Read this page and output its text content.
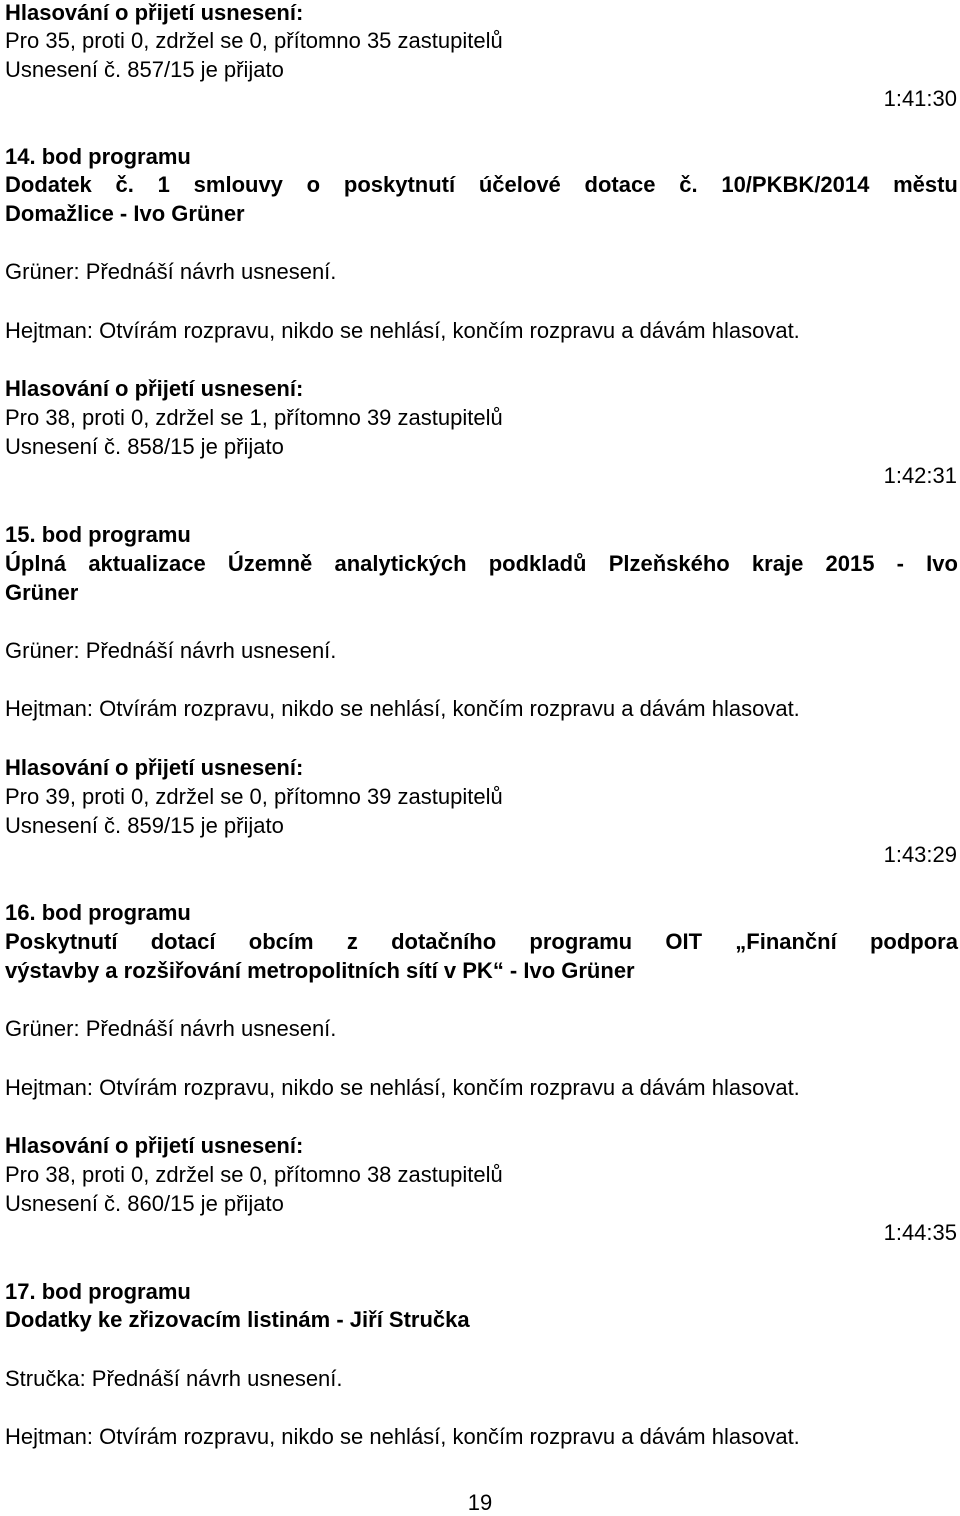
Hlasování o přijetí usnesení:
Pro 35, proti 0, zdržel se 0, přítomno 35 zastupitelů
Usnesení č. 857/15 je přijato
1:41:30
14. bod programu
Dodatek č. 1 smlouvy o poskytnutí účelové dotace č. 10/PKBK/2014 městu
Domažlice - Ivo Grüner
Grüner: Přednáší návrh usnesení.
Hejtman: Otvírám rozpravu, nikdo se nehlásí, končím rozpravu a dávám hlasovat.
Hlasování o přijetí usnesení:
Pro 38, proti 0, zdržel se 1, přítomno 39 zastupitelů
Usnesení č. 858/15 je přijato
1:42:31
15. bod programu
Úplná aktualizace Územně analytických podkladů Plzeňského kraje 2015 - Ivo
Grüner
Grüner: Přednáší návrh usnesení.
Hejtman: Otvírám rozpravu, nikdo se nehlásí, končím rozpravu a dávám hlasovat.
Hlasování o přijetí usnesení:
Pro 39, proti 0, zdržel se 0, přítomno 39 zastupitelů
Usnesení č. 859/15 je přijato
1:43:29
16. bod programu
Poskytnutí dotací obcím z dotačního programu OIT „Finanční podpora
výstavby a rozšiřování metropolitních sítí v PK“ - Ivo Grüner
Grüner: Přednáší návrh usnesení.
Hejtman: Otvírám rozpravu, nikdo se nehlásí, končím rozpravu a dávám hlasovat.
Hlasování o přijetí usnesení:
Pro 38, proti 0, zdržel se 0, přítomno 38 zastupitelů
Usnesení č. 860/15 je přijato
1:44:35
17. bod programu
Dodatky ke zřizovacím listinám - Jiří Stručka
Stručka: Přednáší návrh usnesení.
Hejtman: Otvírám rozpravu, nikdo se nehlásí, končím rozpravu a dávám hlasovat.
19
